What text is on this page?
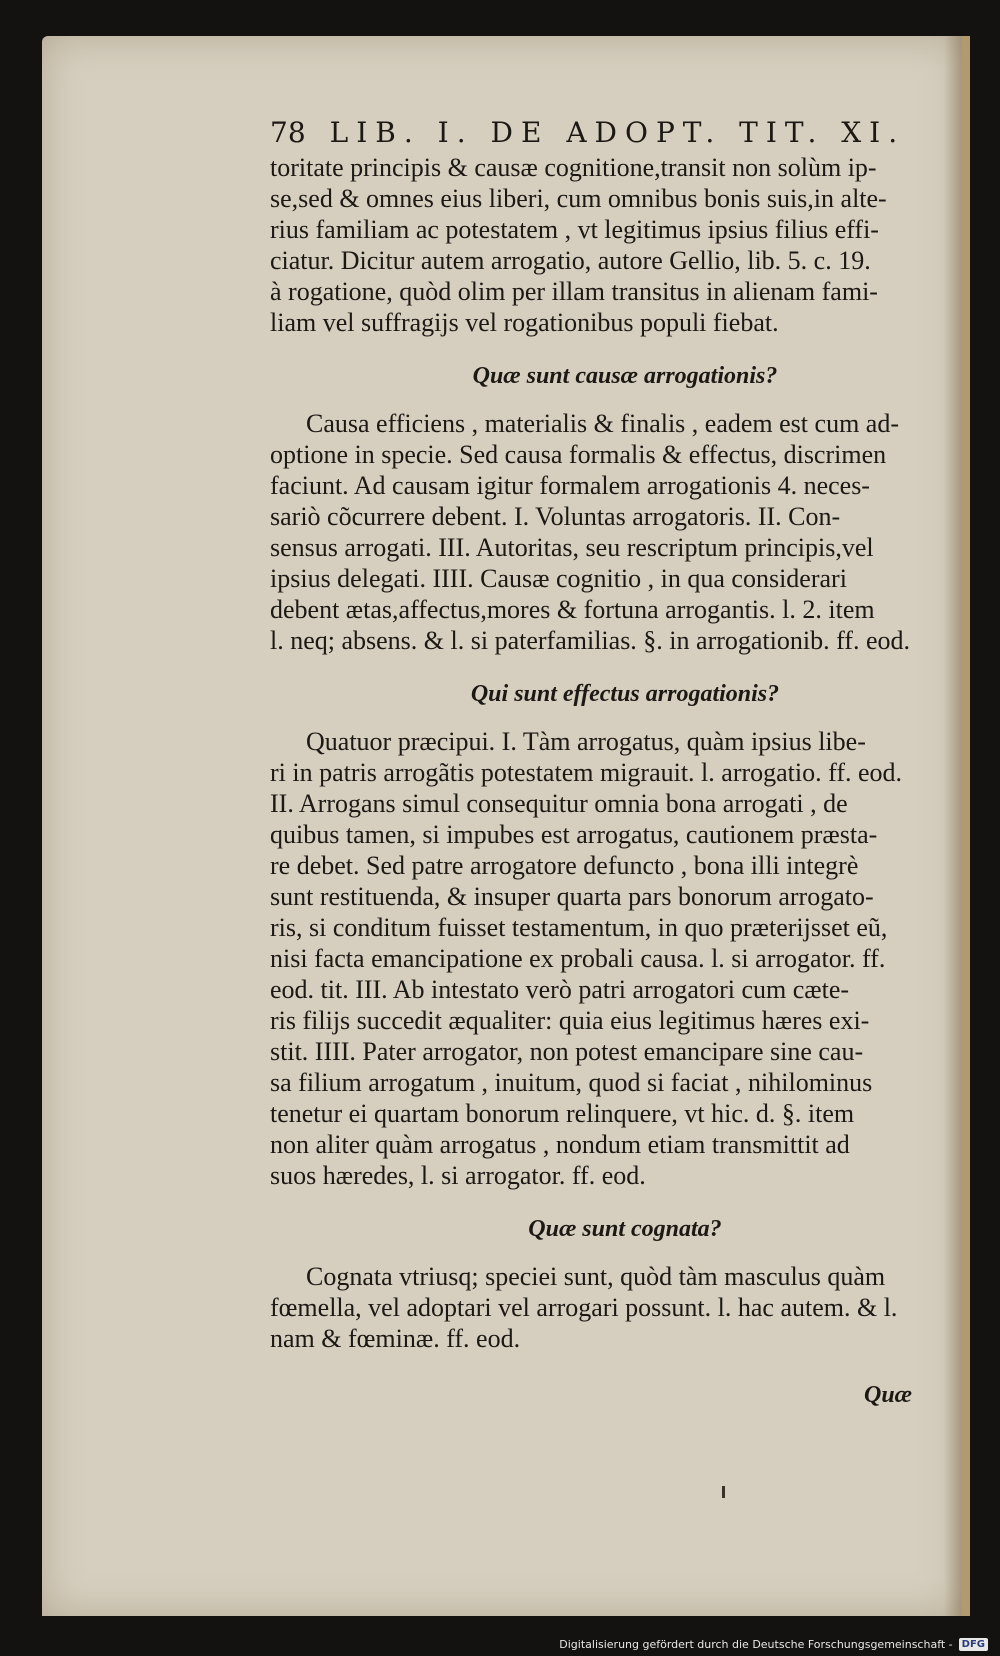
78 LIB. I. DE ADOPT. TIT. XI.
toritate principis & causæ cognitione,transit non solùm ip-
se,sed & omnes eius liberi, cum omnibus bonis suis,in alte-
rius familiam ac potestatem , vt legitimus ipsius filius effi-
ciatur. Dicitur autem arrogatio, autore Gellio, lib. 5. c. 19.
à rogatione, quòd olim per illam transitus in alienam fami-
liam vel suffragijs vel rogationibus populi fiebat.
Quæ sunt causæ arrogationis?
Causa efficiens , materialis & finalis , eadem est cum ad-
optione in specie. Sed causa formalis & effectus, discrimen
faciunt. Ad causam igitur formalem arrogationis 4. neces-
sariò cõcurrere debent. I. Voluntas arrogatoris. II. Con-
sensus arrogati. III. Autoritas, seu rescriptum principis,vel
ipsius delegati. IIII. Causæ cognitio , in qua considerari
debent ætas,affectus,mores & fortuna arrogantis. l. 2. item
l. neq; absens. & l. si paterfamilias. §. in arrogationib. ff. eod.
Qui sunt effectus arrogationis?
Quatuor præcipui. I. Tàm arrogatus, quàm ipsius libe-
ri in patris arrogãtis potestatem migrauit. l. arrogatio. ff. eod.
II. Arrogans simul consequitur omnia bona arrogati , de
quibus tamen, si impubes est arrogatus, cautionem præsta-
re debet. Sed patre arrogatore defuncto , bona illi integrè
sunt restituenda, & insuper quarta pars bonorum arrogato-
ris, si conditum fuisset testamentum, in quo præterijsset eũ,
nisi facta emancipatione ex probali causa. l. si arrogator. ff.
eod. tit. III. Ab intestato verò patri arrogatori cum cæte-
ris filijs succedit æqualiter: quia eius legitimus hæres exi-
stit. IIII. Pater arrogator, non potest emancipare sine cau-
sa filium arrogatum , inuitum, quod si faciat , nihilominus
tenetur ei quartam bonorum relinquere, vt hic. d. §. item
non aliter quàm arrogatus , nondum etiam transmittit ad
suos hæredes, l. si arrogator. ff. eod.
Quæ sunt cognata?
Cognata vtriusq; speciei sunt, quòd tàm masculus quàm
fœmella, vel adoptari vel arrogari possunt. l. hac autem. & l.
nam & fœminæ. ff. eod.
Quæ
Digitalisierung gefördert durch die Deutsche Forschungsgemeinschaft - DFG
